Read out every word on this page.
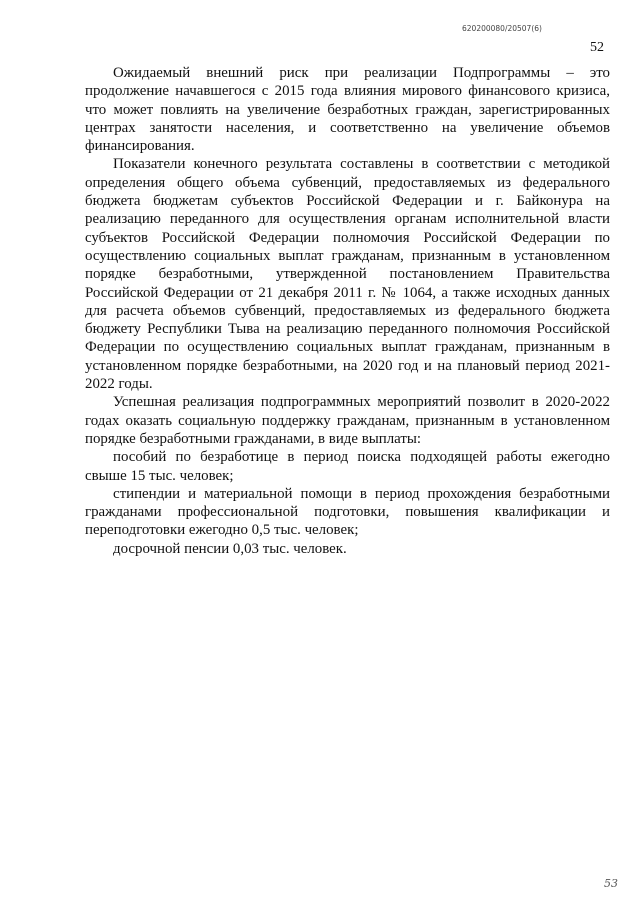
620200080/20507(6)
52

Ожидаемый внешний риск при реализации Подпрограммы – это продолжение начавшегося с 2015 года влияния мирового финансового кризиса, что может повлиять на увеличение безработных граждан, зарегистрированных центрах занятости населения, и соответственно на увеличение объемов финансирования.

Показатели конечного результата составлены в соответствии с методикой определения общего объема субвенций, предоставляемых из федерального бюджета бюджетам субъектов Российской Федерации и г. Байконура на реализацию переданного для осуществления органам исполнительной власти субъектов Российской Федерации полномочия Российской Федерации по осуществлению социальных выплат гражданам, признанным в установленном порядке безработными, утвержденной постановлением Правительства Российской Федерации от 21 декабря 2011 г. № 1064, а также исходных данных для расчета объемов субвенций, предоставляемых из федерального бюджета бюджету Республики Тыва на реализацию переданного полномочия Российской Федерации по осуществлению социальных выплат гражданам, признанным в установленном порядке безработными, на 2020 год и на плановый период 2021-2022 годы.

Успешная реализация подпрограммных мероприятий позволит в 2020-2022 годах оказать социальную поддержку гражданам, признанным в установленном порядке безработными гражданами, в виде выплаты:

пособий по безработице в период поиска подходящей работы ежегодно свыше 15 тыс. человек;

стипендии и материальной помощи в период прохождения безработными гражданами профессиональной подготовки, повышения квалификации и переподготовки ежегодно 0,5 тыс. человек;

досрочной пенсии 0,03 тыс. человек.

53
